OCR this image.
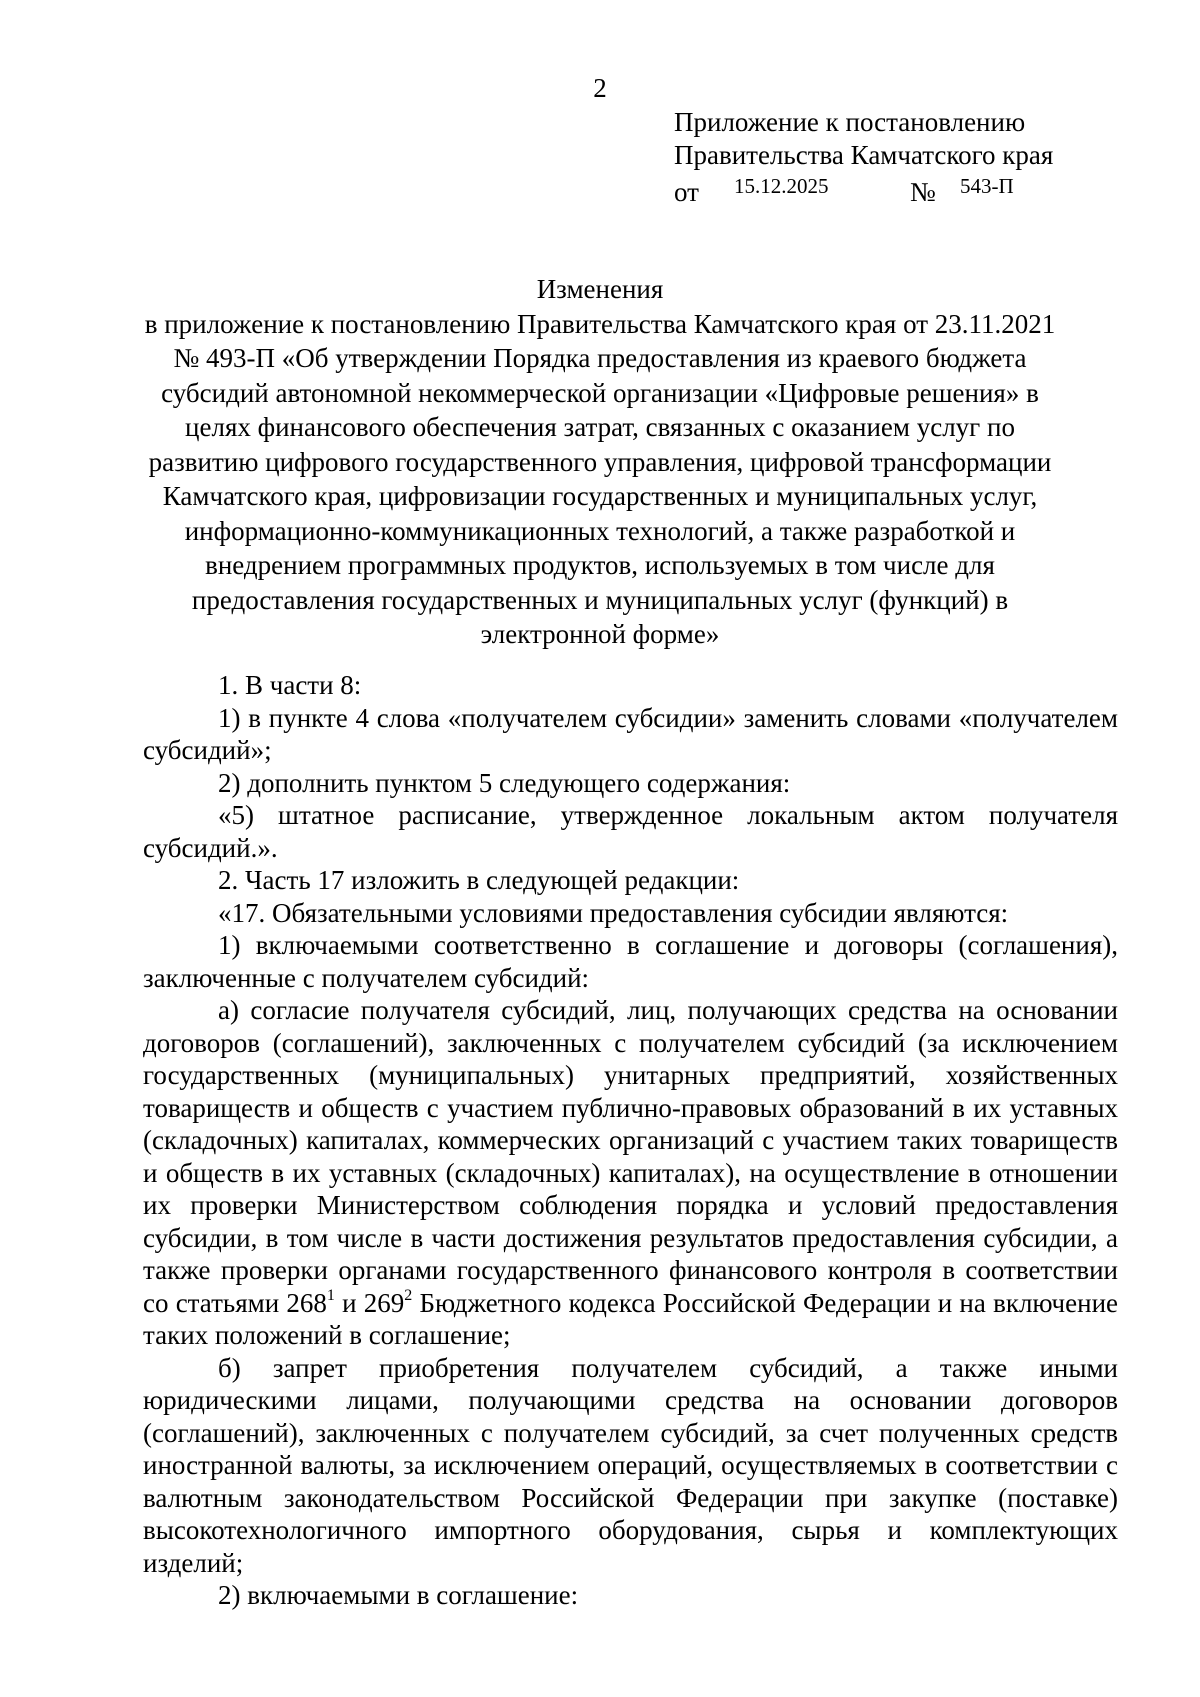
2
Приложение к постановлению
Правительства Камчатского края
от 15.12.2025	№ 543-П
Изменения
в приложение к постановлению Правительства Камчатского края от 23.11.2021 № 493-П «Об утверждении Порядка предоставления из краевого бюджета субсидий автономной некоммерческой организации «Цифровые решения» в целях финансового обеспечения затрат, связанных с оказанием услуг по развитию цифрового государственного управления, цифровой трансформации Камчатского края, цифровизации государственных и муниципальных услуг, информационно-коммуникационных технологий, а также разработкой и внедрением программных продуктов, используемых в том числе для предоставления государственных и муниципальных услуг (функций) в электронной форме»

1. В части 8:

1) в пункте 4 слова «получателем субсидии» заменить словами «получателем субсидий»;

2) дополнить пунктом 5 следующего содержания:

«5) штатное расписание, утвержденное локальным актом получателя субсидий.».

2. Часть 17 изложить в следующей редакции:

«17. Обязательными условиями предоставления субсидии являются:

1) включаемыми соответственно в соглашение и договоры (соглашения), заключенные с получателем субсидий:

а) согласие получателя субсидий, лиц, получающих средства на основании договоров (соглашений), заключенных с получателем субсидий (за исключением государственных (муниципальных) унитарных предприятий, хозяйственных товариществ и обществ с участием публично-правовых образований в их уставных (складочных) капиталах, коммерческих организаций с участием таких товариществ и обществ в их уставных (складочных) капиталах), на осуществление в отношении их проверки Министерством соблюдения порядка и условий предоставления субсидии, в том числе в части достижения результатов предоставления субсидии, а также проверки органами государственного финансового контроля в соответствии со статьями $268^1$ и $269^2$ Бюджетного кодекса Российской Федерации и на включение таких положений в соглашение;

б) запрет приобретения получателем субсидий, а также иными юридическими лицами, получающими средства на основании договоров (соглашений), заключенных с получателем субсидий, за счет полученных средств иностранной валюты, за исключением операций, осуществляемых в соответствии с валютным законодательством Российской Федерации при закупке (поставке) высокотехнологичного импортного оборудования, сырья и комплектующих изделий;

2) включаемыми в соглашение:
